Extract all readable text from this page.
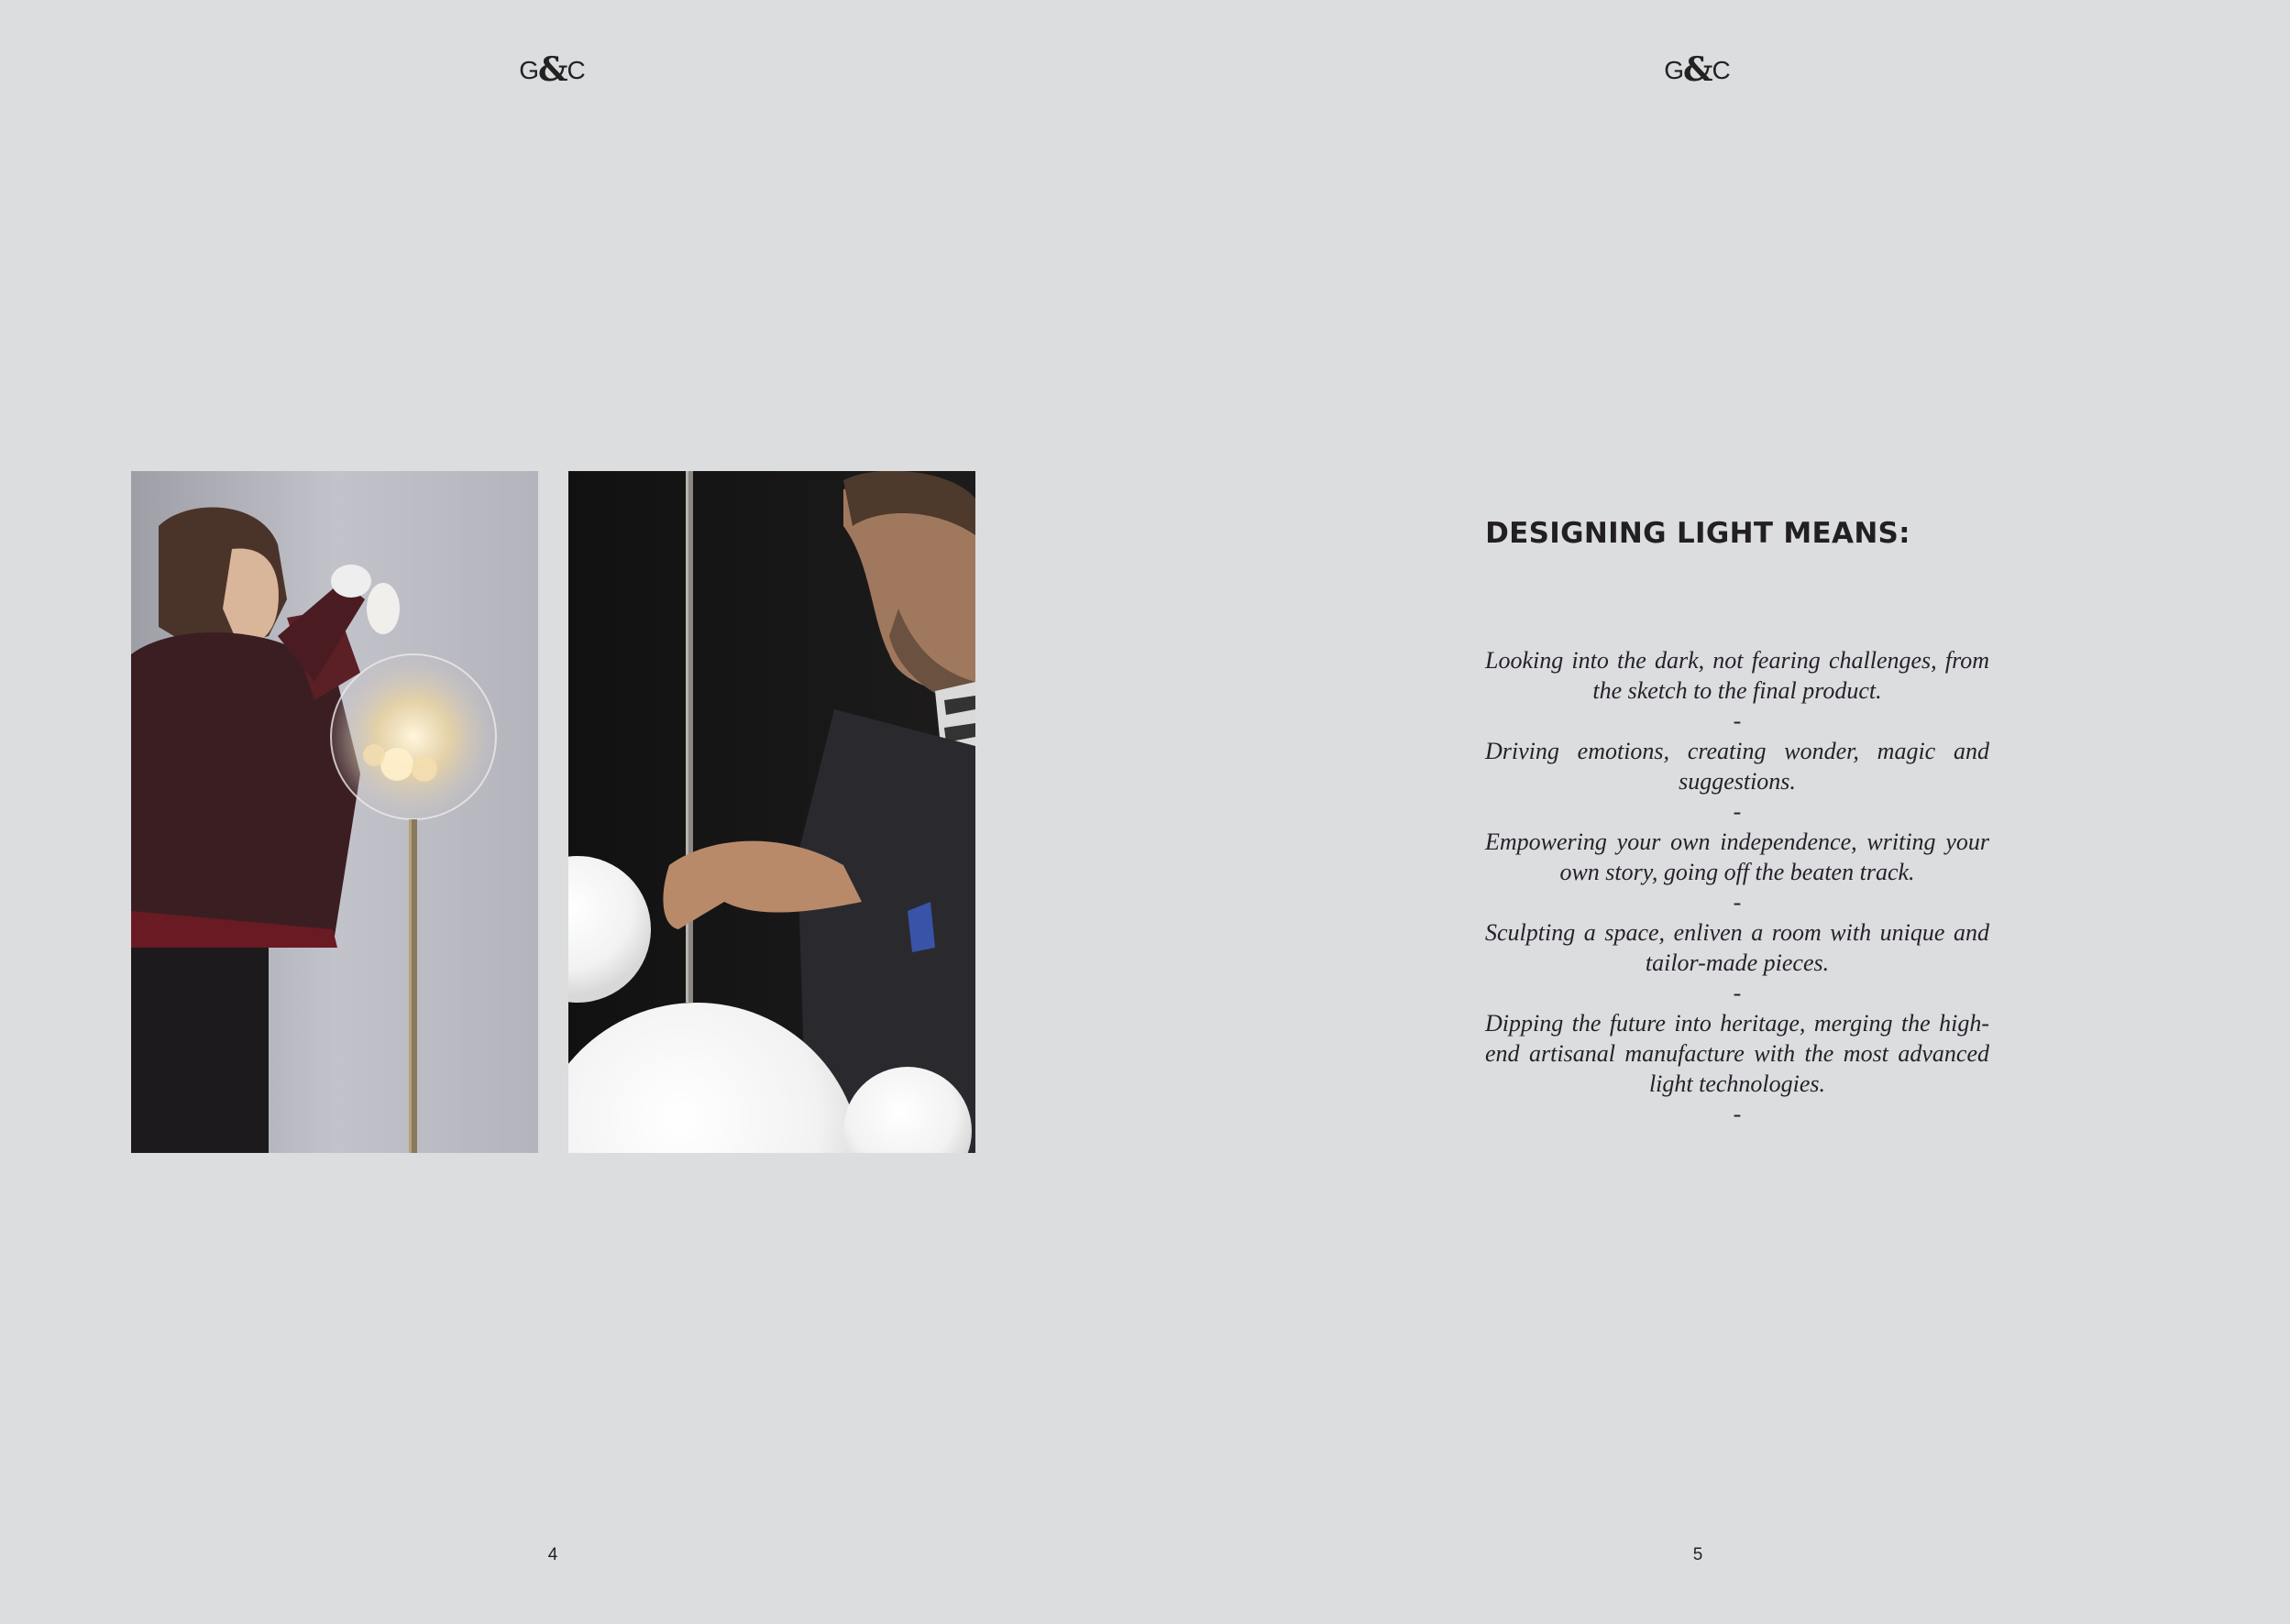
G&C
4
G&C
DESIGNING LIGHT MEANS:

Looking into the dark, not fearing challenges, from the sketch to the final product.

-

Driving emotions, creating wonder, magic and suggestions.

-

Empowering your own independence, writing your own story, going off the beaten track.

-

Sculpting a space, enliven a room with unique and tailor-made pieces.

-

Dipping the future into heritage, merging the high-end artisanal manufacture with the most advanced light technologies.

-

5
